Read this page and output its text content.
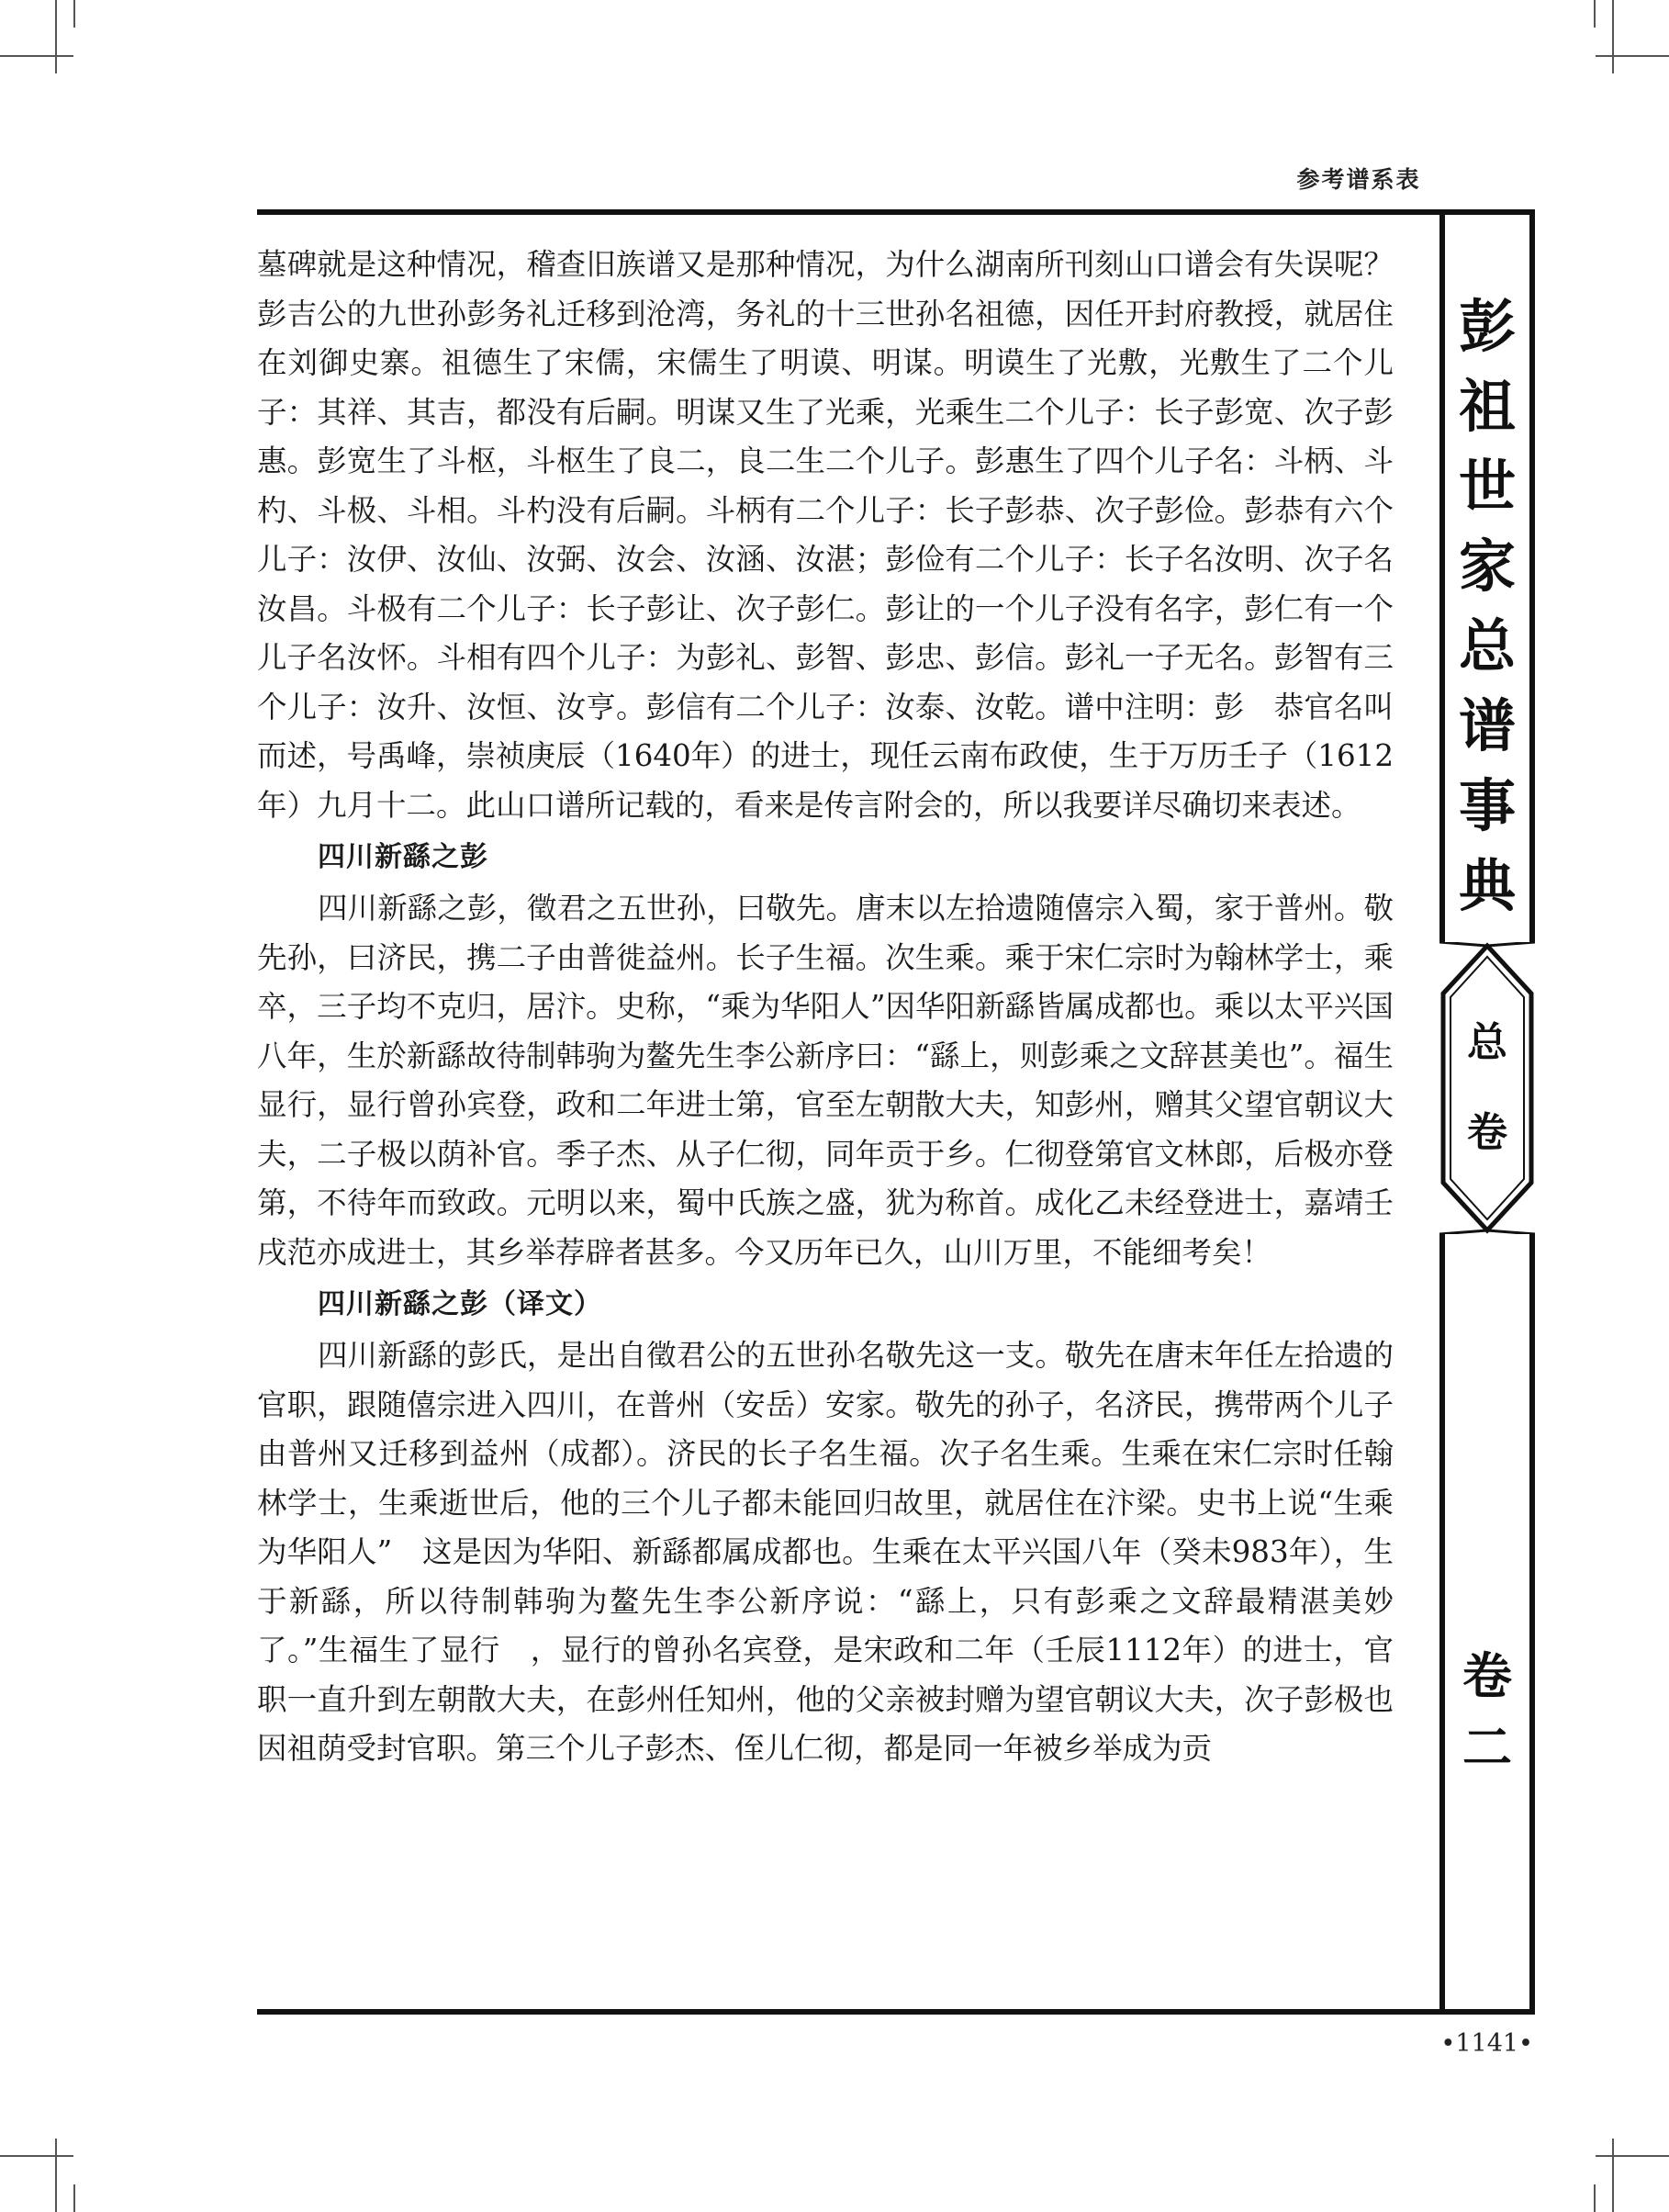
参考谱系表

墓碑就是这种情况，稽查旧族谱又是那种情况，为什么湖南所刊刻山口谱会有失误呢？彭吉公的九世孙彭务礼迁移到沧湾，务礼的十三世孙名祖德，因任开封府教授，就居住在刘御史寨。祖德生了宋儒，宋儒生了明谟、明谋。明谟生了光敷，光敷生了二个儿子：其祥、其吉，都没有后嗣。明谋又生了光乘，光乘生二个儿子：长子彭宽、次子彭惠。彭宽生了斗枢，斗枢生了良二，良二生二个儿子。彭惠生了四个儿子名：斗柄、斗杓、斗极、斗相。斗杓没有后嗣。斗柄有二个儿子：长子彭恭、次子彭俭。彭恭有六个儿子：汝伊、汝仙、汝弼、汝会、汝涵、汝湛；彭俭有二个儿子：长子名汝明、次子名汝昌。斗极有二个儿子：长子彭让、次子彭仁。彭让的一个儿子没有名字，彭仁有一个儿子名汝怀。斗相有四个儿子：为彭礼、彭智、彭忠、彭信。彭礼一子无名。彭智有三个儿子：汝升、汝恒、汝亨。彭信有二个儿子：汝泰、汝乾。谱中注明：彭　恭官名叫而述，号禹峰，崇祯庚辰（1640年）的进士，现任云南布政使，生于万历壬子（1612年）九月十二。此山口谱所记载的，看来是传言附会的，所以我要详尽确切来表述。

四川新繇之彭

四川新繇之彭，徵君之五世孙，曰敬先。唐末以左拾遗随僖宗入蜀，家于普州。敬先孙，曰济民，携二子由普徙益州。长子生福。次生乘。乘于宋仁宗时为翰林学士，乘卒，三子均不克归，居汴。史称，“乘为华阳人”因华阳新繇皆属成都也。乘以太平兴国八年，生於新繇故待制韩驹为鳌先生李公新序曰：“繇上，则彭乘之文辞甚美也”。福生显行，显行曾孙宾登，政和二年进士第，官至左朝散大夫，知彭州，赠其父望官朝议大夫，二子极以荫补官。季子杰、从子仁彻，同年贡于乡。仁彻登第官文林郎，后极亦登第，不待年而致政。元明以来，蜀中氏族之盛，犹为称首。成化乙未经登进士，嘉靖壬戌范亦成进士，其乡举荐辟者甚多。今又历年已久，山川万里，不能细考矣！

四川新繇之彭（译文）

四川新繇的彭氏，是出自徵君公的五世孙名敬先这一支。敬先在唐末年任左拾遗的官职，跟随僖宗进入四川，在普州（安岳）安家。敬先的孙子，名济民，携带两个儿子由普州又迁移到益州（成都）。济民的长子名生福。次子名生乘。生乘在宋仁宗时任翰林学士，生乘逝世后，他的三个儿子都未能回归故里，就居住在汴梁。史书上说“生乘为华阳人”　这是因为华阳、新繇都属成都也。生乘在太平兴国八年（癸未983年），生于新繇，所以待制韩驹为鳌先生李公新序说：“繇上，只有彭乘之文辞最精湛美妙了。”生福生了显行　，显行的曾孙名宾登，是宋政和二年（壬辰1112年）的进士，官职一直升到左朝散大夫，在彭州任知州，他的父亲被封赠为望官朝议大夫，次子彭极也因祖荫受封官职。第三个儿子彭杰、侄儿仁彻，都是同一年被乡举成为贡

彭
祖
世
家
总
谱
事
典
总
卷
卷
二
•1141•
